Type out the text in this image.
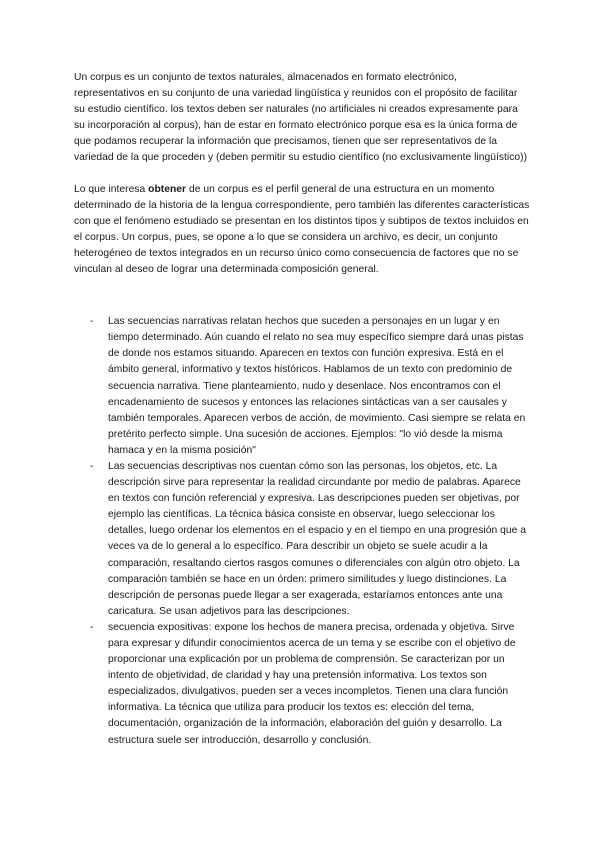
Un corpus es un conjunto de textos naturales, almacenados en formato electrónico, representativos en su conjunto de una variedad lingüística y reunidos con el propósito de facilitar su estudio científico. los textos deben ser naturales (no artificiales ni creados expresamente para su incorporación al corpus), han de estar en formato electrónico porque esa es la única forma de que podamos recuperar la información que precisamos, tienen que ser representativos de la variedad de la que proceden y (deben permitir su estudio científico (no exclusivamente lingüístico))

Lo que interesa obtener de un corpus es el perfil general de una estructura en un momento determinado de la historia de la lengua correspondiente, pero también las diferentes características con que el fenómeno estudiado se presentan en los distintos tipos y subtipos de textos incluidos en el corpus. Un corpus, pues, se opone a lo que se considera un archivo, es decir, un conjunto heterogéneo de textos integrados en un recurso único como consecuencia de factores que no se vinculan al deseo de lograr una determinada composición general.

- Las secuencias narrativas relatan hechos que suceden a personajes en un lugar y en tiempo determinado. Aún cuando el relato no sea muy específico siempre dará unas pistas de donde nos estamos situando. Aparecen en textos con función expresiva. Está en el ámbito general, informativo y textos históricos. Hablamos de un texto con predominio de secuencia narrativa. Tiene planteamiento, nudo y desenlace. Nos encontramos con el encadenamiento de sucesos y entonces las relaciones sintácticas van a ser causales y también temporales. Aparecen verbos de acción, de movimiento. Casi siempre se relata en pretérito perfecto simple. Una sucesión de acciones. Ejemplos: "lo vió desde la misma hamaca y en la misma posición"
- Las secuencias descriptivas nos cuentan cómo son las personas, los objetos, etc. La descripción sirve para representar la realidad circundante por medio de palabras. Aparece en textos con función referencial y expresiva. Las descripciones pueden ser objetivas, por ejemplo las científicas. La técnica básica consiste en observar, luego seleccionar los detalles, luego ordenar los elementos en el espacio y en el tiempo en una progresión que a veces va de lo general a lo específico. Para describir un objeto se suele acudir a la comparación, resaltando ciertos rasgos comunes o diferenciales con algún otro objeto. La comparación también se hace en un órden: primero similitudes y luego distinciones. La descripción de personas puede llegar a ser exagerada, estaríamos entonces ante una caricatura. Se usan adjetivos para las descripciones.
- secuencia expositivas: expone los hechos de manera precisa, ordenada y objetiva. Sirve para expresar y difundir conocimientos acerca de un tema y se escribe con el objetivo de proporcionar una explicación por un problema de comprensión. Se caracterizan por un intento de objetividad, de claridad y hay una pretensión informativa. Los textos son especializados, divulgativos, pueden ser a veces incompletos. Tienen una clara función informativa. La técnica que utiliza para producir los textos es: elección del tema, documentación, organización de la información, elaboración del guión y desarrollo. La estructura suele ser introducción, desarrollo y conclusión.
